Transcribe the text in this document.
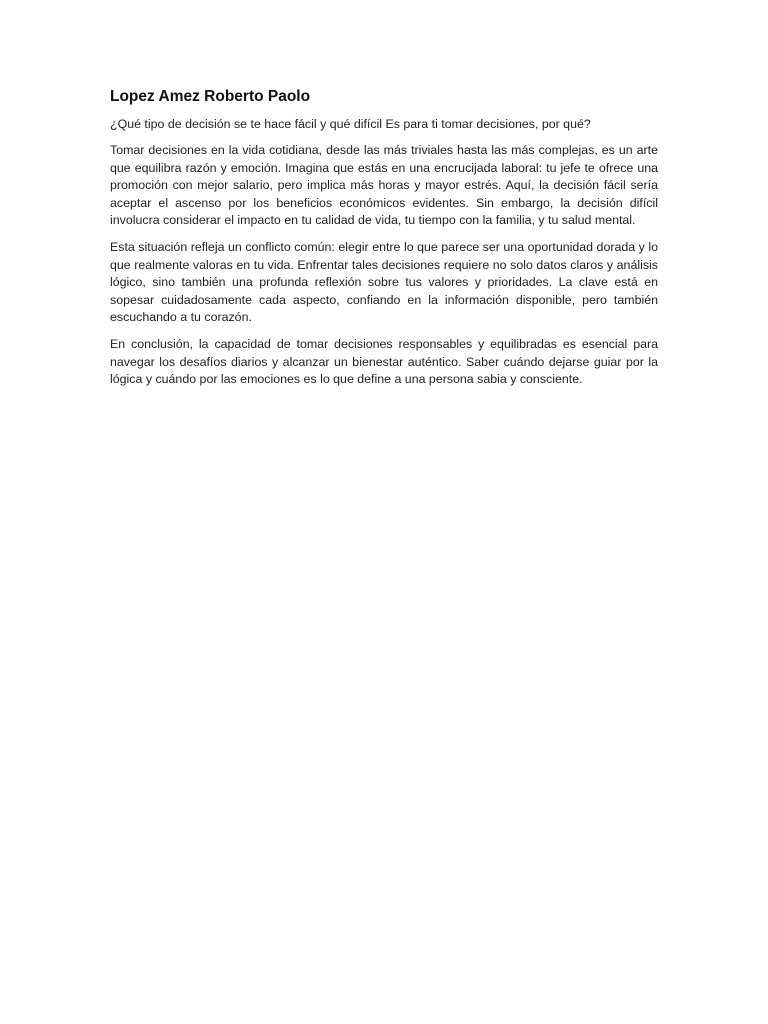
Lopez Amez Roberto Paolo

¿Qué tipo de decisión se te hace fácil y qué difícil Es para ti tomar decisiones, por qué?

Tomar decisiones en la vida cotidiana, desde las más triviales hasta las más complejas, es un arte que equilibra razón y emoción. Imagina que estás en una encrucijada laboral: tu jefe te ofrece una promoción con mejor salario, pero implica más horas y mayor estrés. Aquí, la decisión fácil sería aceptar el ascenso por los beneficios económicos evidentes. Sin embargo, la decisión difícil involucra considerar el impacto en tu calidad de vida, tu tiempo con la familia, y tu salud mental.

Esta situación refleja un conflicto común: elegir entre lo que parece ser una oportunidad dorada y lo que realmente valoras en tu vida. Enfrentar tales decisiones requiere no solo datos claros y análisis lógico, sino también una profunda reflexión sobre tus valores y prioridades. La clave está en sopesar cuidadosamente cada aspecto, confiando en la información disponible, pero también escuchando a tu corazón.

En conclusión, la capacidad de tomar decisiones responsables y equilibradas es esencial para navegar los desafíos diarios y alcanzar un bienestar auténtico. Saber cuándo dejarse guiar por la lógica y cuándo por las emociones es lo que define a una persona sabia y consciente.
